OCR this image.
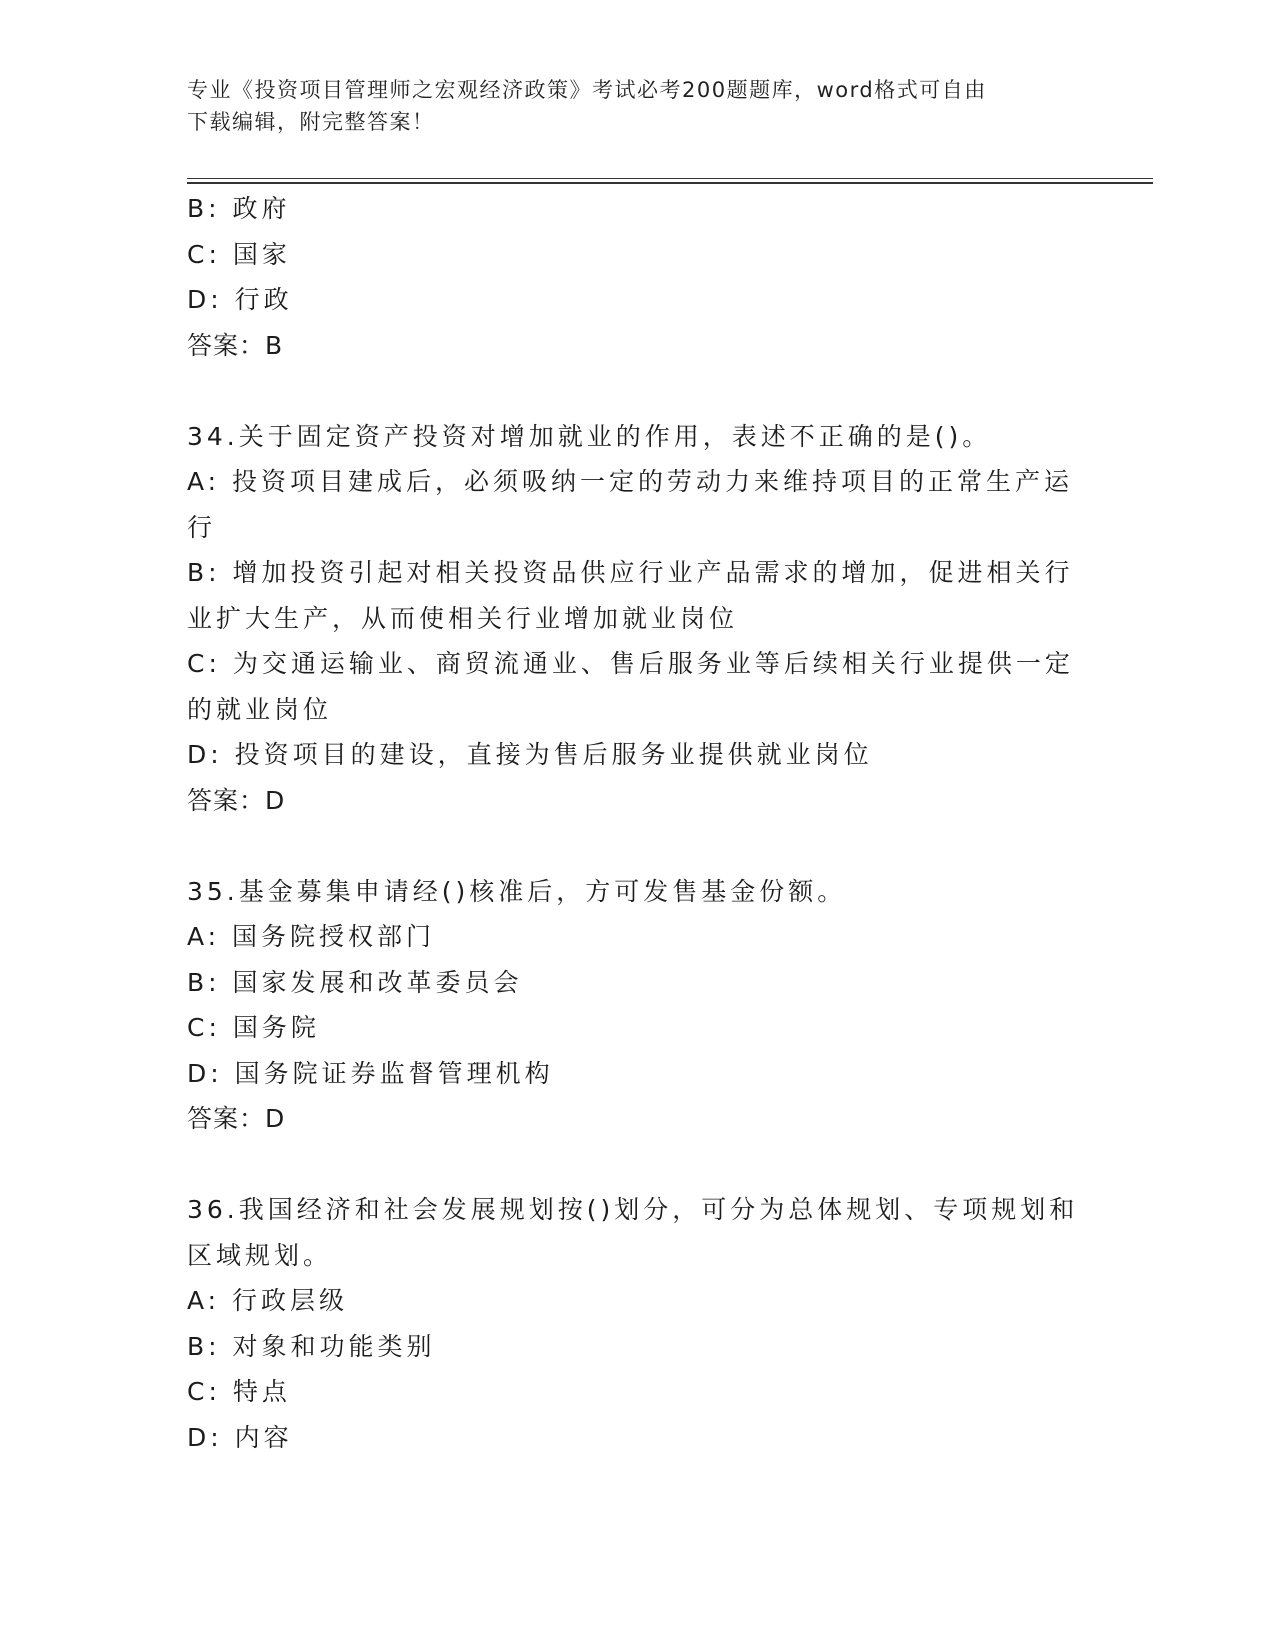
专业《投资项目管理师之宏观经济政策》考试必考200题题库，word格式可自由
下载编辑，附完整答案！

B: 政府

C: 国家

D: 行政

答案：B

34.关于固定资产投资对增加就业的作用，表述不正确的是()。

A: 投资项目建成后，必须吸纳一定的劳动力来维持项目的正常生产运

行

B: 增加投资引起对相关投资品供应行业产品需求的增加，促进相关行

业扩大生产，从而使相关行业增加就业岗位

C: 为交通运输业、商贸流通业、售后服务业等后续相关行业提供一定

的就业岗位

D: 投资项目的建设，直接为售后服务业提供就业岗位

答案：D

35.基金募集申请经()核准后，方可发售基金份额。

A: 国务院授权部门

B: 国家发展和改革委员会

C: 国务院

D: 国务院证券监督管理机构

答案：D

36.我国经济和社会发展规划按()划分，可分为总体规划、专项规划和

区域规划。

A: 行政层级

B: 对象和功能类别

C: 特点

D: 内容
